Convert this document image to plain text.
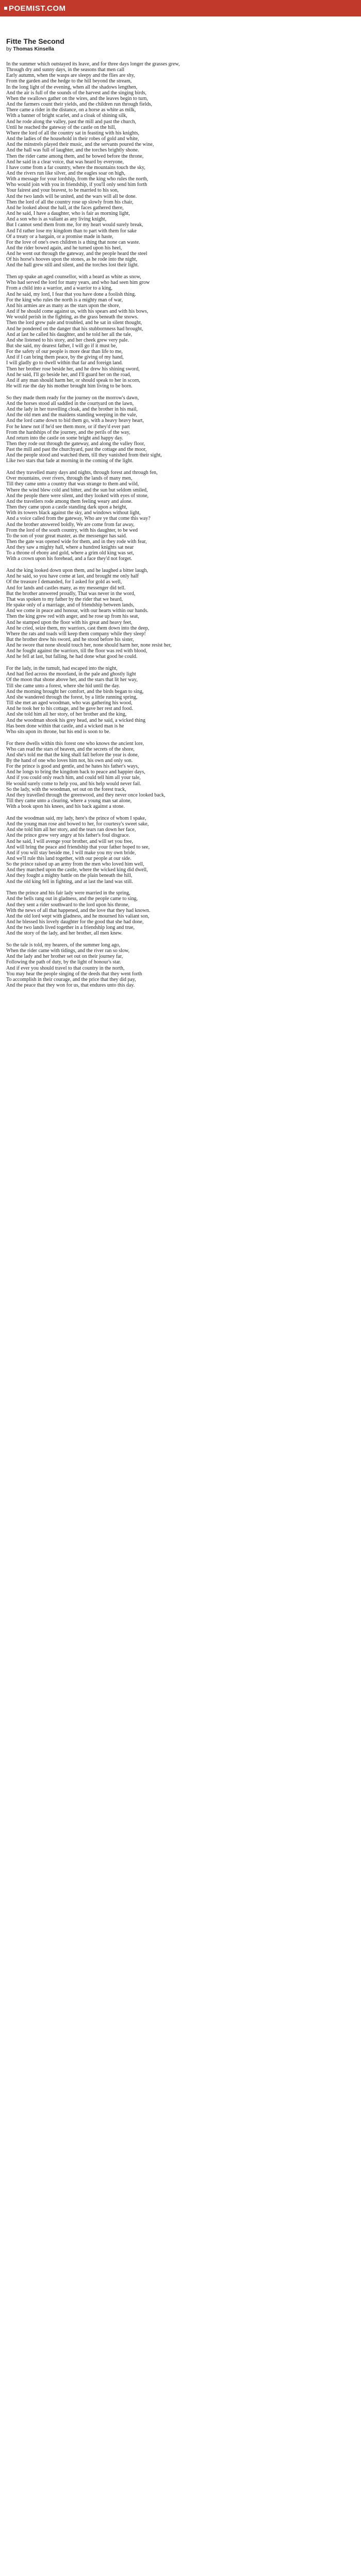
POEMIST.COM
Fitte The Second
by Thomas Kinsella
In the summer which outstayed its leave, and for three days longer the grasses grew,
Through dry and sunny days, in the seasons that men call
Early autumn, when the wasps are sleepy and the flies are shy,
From the garden and the hedge to the hill beyond the stream,
In the long light of the evening, when all the shadows lengthen,
And the air is full of the sounds of the harvest and the singing birds,
When the swallows gather on the wires, and the leaves begin to turn,
And the farmers count their yields, and the children run through fields,
There came a rider in the distance, on a horse as white as milk,
With a banner of bright scarlet, and a cloak of shining silk,
And he rode along the valley, past the mill and past the church,
Until he reached the gateway of the castle on the hill,
Where the lord of all the country sat in feasting with his knights,
And the ladies of the household in their robes of gold and white,
And the minstrels played their music, and the servants poured the wine,
And the hall was full of laughter, and the torches brightly shone.
Then the rider came among them, and he bowed before the throne,
And he said in a clear voice, that was heard by everyone,
I have come from a far country, where the mountains touch the sky,
And the rivers run like silver, and the eagles soar on high,
With a message for your lordship, from the king who rules the north,
Who would join with you in friendship, if you'll only send him forth
Your fairest and your bravest, to be married to his son,
And the two lands will be united, and the wars will all be done.
Then the lord of all the country rose up slowly from his chair,
And he looked about the hall, at the faces gathered there,
And he said, I have a daughter, who is fair as morning light,
And a son who is as valiant as any living knight,
But I cannot send them from me, for my heart would surely break,
And I'd rather lose my kingdom than to part with them for sake
Of a treaty or a bargain, or a promise made in haste,
For the love of one's own children is a thing that none can waste.
And the rider bowed again, and he turned upon his heel,
And he went out through the gateway, and the people heard the steel
Of his horse's hooves upon the stones, as he rode into the night,
And the hall grew still and silent, and the torches lost their light.
Then up spake an aged counsellor, with a beard as white as snow,
Who had served the lord for many years, and who had seen him grow
From a child into a warrior, and a warrior to a king,
And he said, my lord, I fear that you have done a foolish thing.
For the king who rules the north is a mighty man of war,
And his armies are as many as the stars upon the shore,
And if he should come against us, with his spears and with his bows,
We would perish in the fighting, as the grass beneath the snows.
Then the lord grew pale and troubled, and he sat in silent thought,
And he pondered on the danger that his stubbornness had brought,
And at last he called his daughter, and he told her all the tale,
And she listened to his story, and her cheek grew very pale.
But she said, my dearest father, I will go if it must be,
For the safety of our people is more dear than life to me,
And if I can bring them peace, by the giving of my hand,
I will gladly go to dwell within that far and foreign land.
Then her brother rose beside her, and he drew his shining sword,
And he said, I'll go beside her, and I'll guard her on the road,
And if any man should harm her, or should speak to her in scorn,
He will rue the day his mother brought him living to be born.
So they made them ready for the journey on the morrow's dawn,
And the horses stood all saddled in the courtyard on the lawn,
And the lady in her travelling cloak, and the brother in his mail,
And the old men and the maidens standing weeping in the vale,
And the lord came down to bid them go, with a heavy heavy heart,
For he knew not if he'd see them more, or if they'd ever part
From the hardships of the journey, and the perils of the way,
And return into the castle on some bright and happy day.
Then they rode out through the gateway, and along the valley floor,
Past the mill and past the churchyard, past the cottage and the moor,
And the people stood and watched them, till they vanished from their sight,
Like two stars that fade at morning in the coming of the light.
And they travelled many days and nights, through forest and through fen,
Over mountains, over rivers, through the lands of many men,
Till they came unto a country that was strange to them and wild,
Where the wind blew cold and bitter, and the sun but seldom smiled,
And the people there were silent, and they looked with eyes of stone,
And the travellers rode among them feeling weary and alone.
Then they came upon a castle standing dark upon a height,
With its towers black against the sky, and windows without light,
And a voice called from the gateway, Who are ye that come this way?
And the brother answered boldly, We are come from far away,
From the lord of the south country, with his daughter, to be wed
To the son of your great master, as the messenger has said.
Then the gate was opened wide for them, and in they rode with fear,
And they saw a mighty hall, where a hundred knights sat near
To a throne of ebony and gold, where a grim old king was set,
With a crown upon his forehead, and a face they'd not forget.
And the king looked down upon them, and he laughed a bitter laugh,
And he said, so you have come at last, and brought me only half
Of the treasure I demanded, for I asked for gold as well,
And for lands and castles many, as my messenger did tell.
But the brother answered proudly, That was never in the word,
That was spoken to my father by the rider that we heard,
He spake only of a marriage, and of friendship between lands,
And we come in peace and honour, with our hearts within our hands.
Then the king grew red with anger, and he rose up from his seat,
And he stamped upon the floor with his great and heavy feet,
And he cried, seize them, my warriors, cast them down into the deep,
Where the rats and toads will keep them company while they sleep!
But the brother drew his sword, and he stood before his sister,
And he swore that none should touch her, none should harm her, none resist her,
And he fought against the warriors, till the floor was red with blood,
And he fell at last, but falling, he had done what good he could.
For the lady, in the tumult, had escaped into the night,
And had fled across the moorland, in the pale and ghostly light
Of the moon that shone above her, and the stars that lit her way,
Till she came unto a forest, where she hid until the day.
And the morning brought her comfort, and the birds began to sing,
And she wandered through the forest, by a little running spring,
Till she met an aged woodman, who was gathering his wood,
And he took her to his cottage, and he gave her rest and food.
And she told him all her story, of her brother and the king,
And the woodman shook his grey head, and he said, a wicked thing
Has been done within that castle, and a wicked man is he
Who sits upon its throne, but his end is soon to be.
For there dwells within this forest one who knows the ancient lore,
Who can read the stars of heaven, and the secrets of the shore,
And she's told me that the king shall fall before the year is done,
By the hand of one who loves him not, his own and only son.
For the prince is good and gentle, and he hates his father's ways,
And he longs to bring the kingdom back to peace and happier days,
And if you could only reach him, and could tell him all your tale,
He would surely come to help you, and his help would never fail.
So the lady, with the woodman, set out on the forest track,
And they travelled through the greenwood, and they never once looked back,
Till they came unto a clearing, where a young man sat alone,
With a book upon his knees, and his back against a stone.
And the woodman said, my lady, here's the prince of whom I spake,
And the young man rose and bowed to her, for courtesy's sweet sake,
And she told him all her story, and the tears ran down her face,
And the prince grew very angry at his father's foul disgrace.
And he said, I will avenge your brother, and will set you free,
And will bring the peace and friendship that your father hoped to see,
And if you will stay beside me, I will make you my own bride,
And we'll rule this land together, with our people at our side.
So the prince raised up an army from the men who loved him well,
And they marched upon the castle, where the wicked king did dwell,
And they fought a mighty battle on the plain beneath the hill,
And the old king fell in fighting, and at last the land was still.
Then the prince and his fair lady were married in the spring,
And the bells rang out in gladness, and the people came to sing,
And they sent a rider southward to the lord upon his throne,
With the news of all that happened, and the love that they had known.
And the old lord wept with gladness, and he mourned his valiant son,
And he blessed his lovely daughter for the good that she had done,
And the two lands lived together in a friendship long and true,
And the story of the lady, and her brother, all men knew.
So the tale is told, my hearers, of the summer long ago,
When the rider came with tidings, and the river ran so slow,
And the lady and her brother set out on their journey far,
Following the path of duty, by the light of honour's star.
And if ever you should travel to that country in the north,
You may hear the people singing of the deeds that they went forth
To accomplish in their courage, and the price that they did pay,
And the peace that they won for us, that endures unto this day.
